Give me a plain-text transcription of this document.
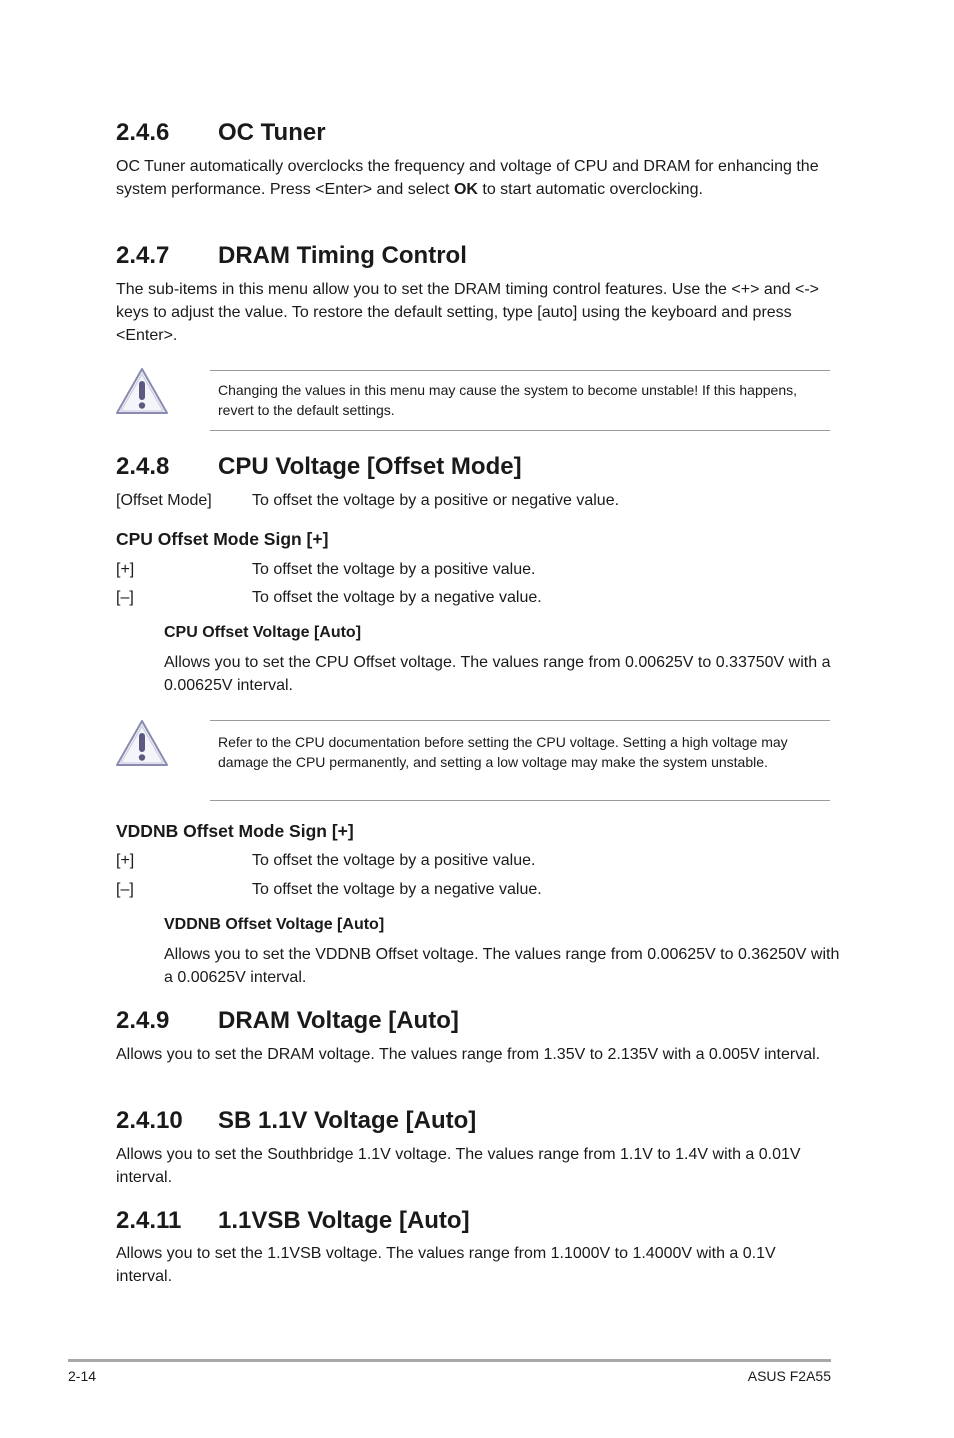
2.4.6 OC Tuner
OC Tuner automatically overclocks the frequency and voltage of CPU and DRAM for enhancing the system performance. Press <Enter> and select OK to start automatic overclocking.
2.4.7 DRAM Timing Control
The sub-items in this menu allow you to set the DRAM timing control features. Use the <+> and <-> keys to adjust the value. To restore the default setting, type [auto] using the keyboard and press <Enter>.
Changing the values in this menu may cause the system to become unstable! If this happens, revert to the default settings.
2.4.8 CPU Voltage [Offset Mode]
[Offset Mode]	To offset the voltage by a positive or negative value.
CPU Offset Mode Sign [+]
[+]	To offset the voltage by a positive value.
[–]	To offset the voltage by a negative value.
CPU Offset Voltage [Auto]
Allows you to set the CPU Offset voltage. The values range from 0.00625V to 0.33750V with a 0.00625V interval.
Refer to the CPU documentation before setting the CPU voltage. Setting a high voltage may damage the CPU permanently, and setting a low voltage may make the system unstable.
VDDNB Offset Mode Sign [+]
[+]	To offset the voltage by a positive value.
[–]	To offset the voltage by a negative value.
VDDNB Offset Voltage [Auto]
Allows you to set the VDDNB Offset voltage. The values range from 0.00625V to 0.36250V with a 0.00625V interval.
2.4.9 DRAM Voltage [Auto]
Allows you to set the DRAM voltage. The values range from 1.35V to 2.135V with a 0.005V interval.
2.4.10 SB 1.1V Voltage [Auto]
Allows you to set the Southbridge 1.1V voltage. The values range from 1.1V to 1.4V with a 0.01V interval.
2.4.11 1.1VSB Voltage [Auto]
Allows you to set the 1.1VSB voltage. The values range from 1.1000V to 1.4000V with a 0.1V interval.
2-14	ASUS F2A55
